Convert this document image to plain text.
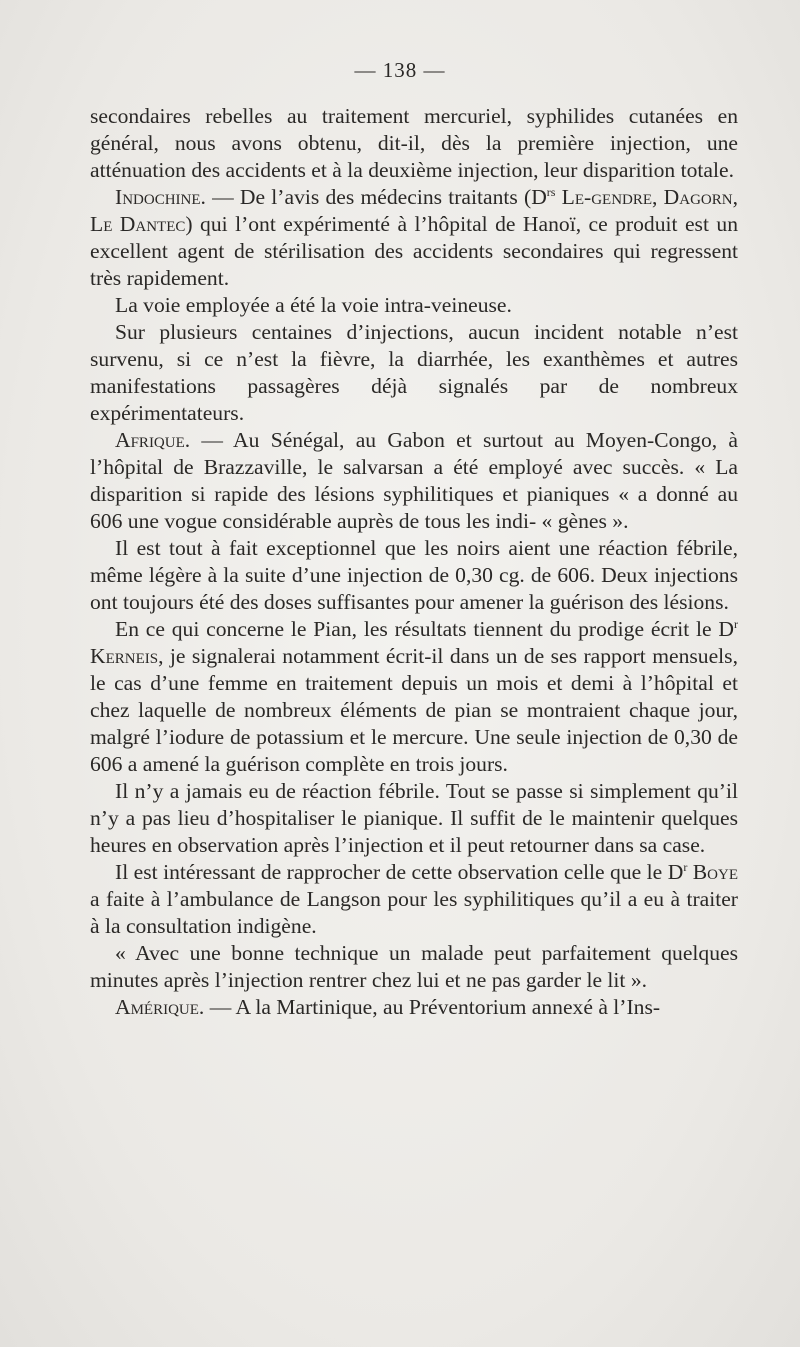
— 138 —

secondaires rebelles au traitement mercuriel, syphilides cutanées en général, nous avons obtenu, dit-il, dès la première injection, une atténuation des accidents et à la deuxième injection, leur disparition totale.

Indochine. — De l’avis des médecins traitants ($D^{rs}$ Le-gendre, Dagorn, Le Dantec) qui l’ont expérimenté à l’hôpital de Hanoï, ce produit est un excellent agent de stérilisation des accidents secondaires qui regressent très rapidement.

La voie employée a été la voie intra-veineuse.

Sur plusieurs centaines d’injections, aucun incident notable n’est survenu, si ce n’est la fièvre, la diarrhée, les exanthèmes et autres manifestations passagères déjà signalés par de nombreux expérimentateurs.

Afrique. — Au Sénégal, au Gabon et surtout au Moyen-Congo, à l’hôpital de Brazzaville, le salvarsan a été employé avec succès. « La disparition si rapide des lésions syphilitiques et pianiques « a donné au 606 une vogue considérable auprès de tous les indi- « gènes ».

Il est tout à fait exceptionnel que les noirs aient une réaction fébrile, même légère à la suite d’une injection de 0,30 cg. de 606. Deux injections ont toujours été des doses suffisantes pour amener la guérison des lésions.

En ce qui concerne le Pian, les résultats tiennent du prodige écrit le $D^r$ Kerneis, je signalerai notamment écrit-il dans un de ses rapport mensuels, le cas d’une femme en traitement depuis un mois et demi à l’hôpital et chez laquelle de nombreux éléments de pian se montraient chaque jour, malgré l’iodure de potassium et le mercure. Une seule injection de 0,30 de 606 a amené la guérison complète en trois jours.

Il n’y a jamais eu de réaction fébrile. Tout se passe si simplement qu’il n’y a pas lieu d’hospitaliser le pianique. Il suffit de le maintenir quelques heures en observation après l’injection et il peut retourner dans sa case.

Il est intéressant de rapprocher de cette observation celle que le $D^r$ Boye a faite à l’ambulance de Langson pour les syphilitiques qu’il a eu à traiter à la consultation indigène.

« Avec une bonne technique un malade peut parfaitement quelques minutes après l’injection rentrer chez lui et ne pas garder le lit ».

Amérique. — A la Martinique, au Préventorium annexé à l’Ins-
